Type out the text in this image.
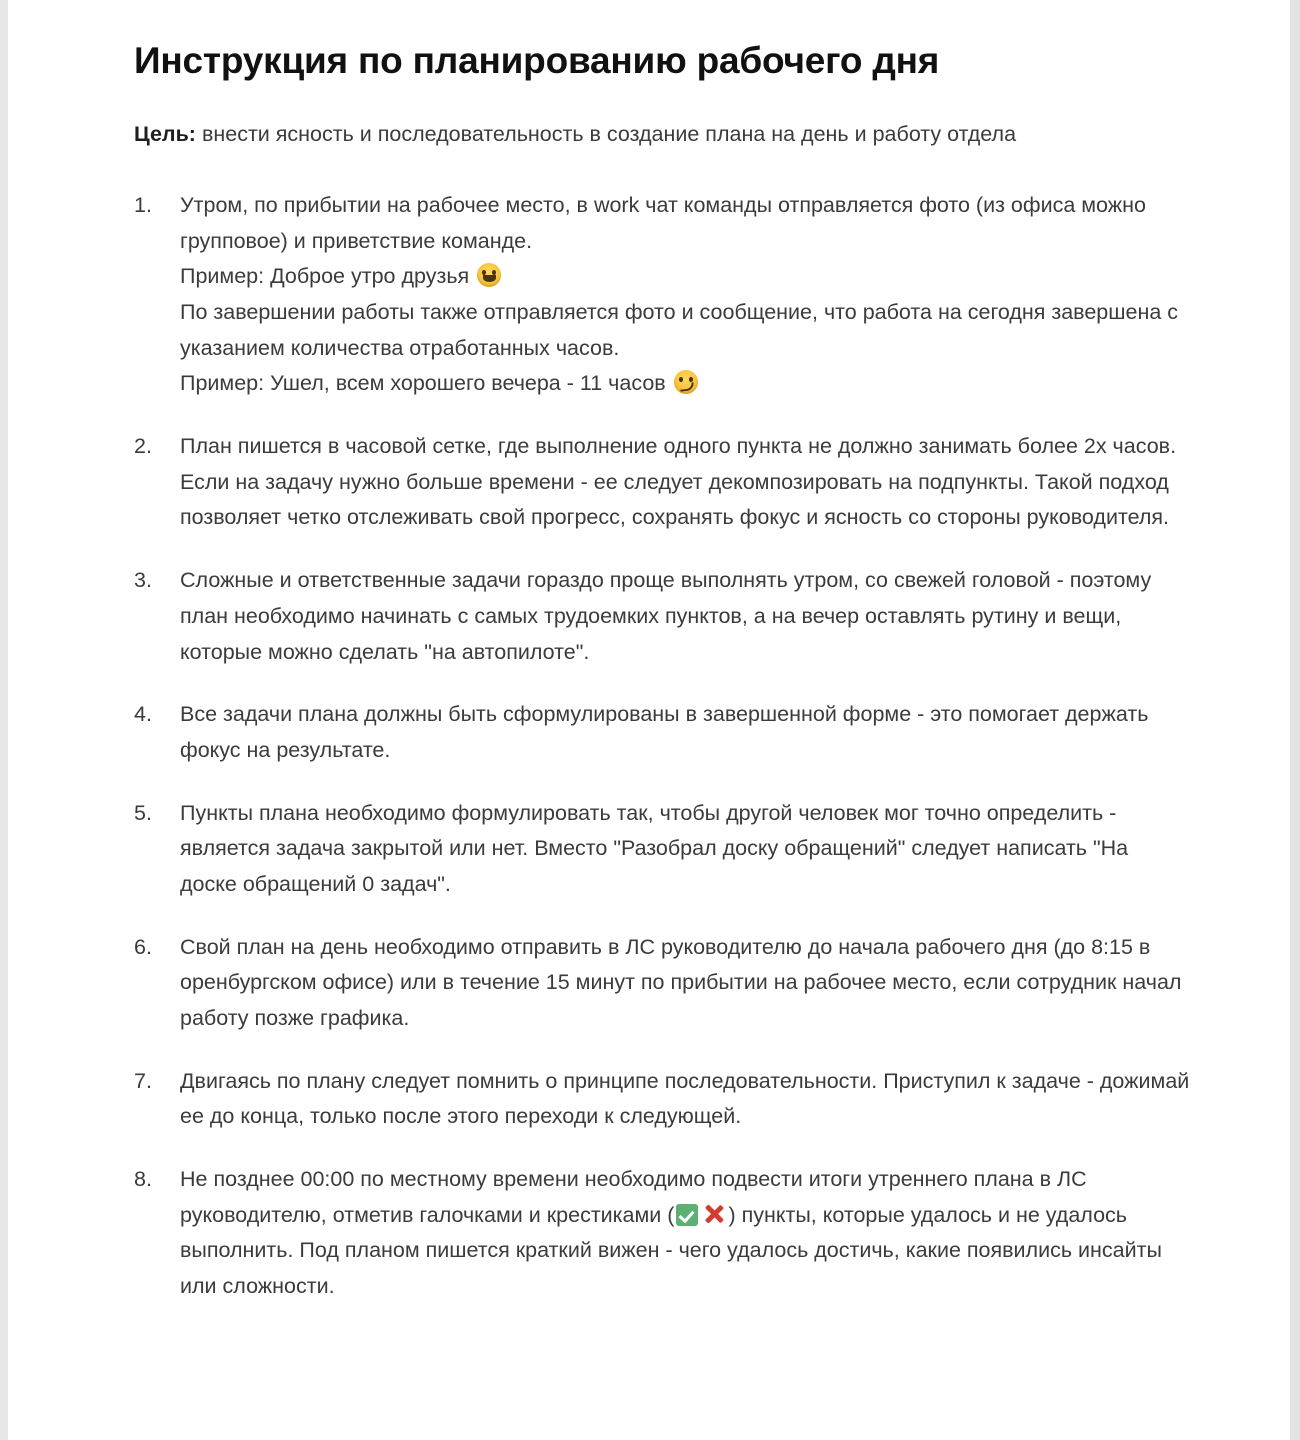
Инструкция по планированию рабочего дня

Цель: внести ясность и последовательность в создание плана на день и работу отдела

1.	Утром, по прибытии на рабочее место, в work чат команды отправляется фото (из офиса можно групповое) и приветствие команде.
Пример: Доброе утро друзья
По завершении работы также отправляется фото и сообщение, что работа на сегодня завершена с указанием количества отработанных часов.
Пример: Ушел, всем хорошего вечера - 11 часов
2.	План пишется в часовой сетке, где выполнение одного пункта не должно занимать более 2х часов. Если на задачу нужно больше времени - ее следует декомпозировать на подпункты. Такой подход позволяет четко отслеживать свой прогресс, сохранять фокус и ясность со стороны руководителя.
3.	Сложные и ответственные задачи гораздо проще выполнять утром, со свежей головой - поэтому план необходимо начинать с самых трудоемких пунктов, а на вечер оставлять рутину и вещи, которые можно сделать "на автопилоте".
4.	Все задачи плана должны быть сформулированы в завершенной форме - это помогает держать фокус на результате.
5.	Пункты плана необходимо формулировать так, чтобы другой человек мог точно определить - является задача закрытой или нет. Вместо "Разобрал доску обращений" следует написать "На доске обращений 0 задач".
6.	Свой план на день необходимо отправить в ЛС руководителю до начала рабочего дня (до 8:15 в оренбургском офисе) или в течение 15 минут по прибытии на рабочее место, если сотрудник начал работу позже графика.
7.	Двигаясь по плану следует помнить о принципе последовательности. Приступил к задаче - дожимай ее до конца, только после этого переходи к следующей.
8.	Не позднее 00:00 по местному времени необходимо подвести итоги утреннего плана в ЛС руководителю, отметив галочками и крестиками (	) пункты, которые удалось и не удалось выполнить. Под планом пишется краткий вижен - чего удалось достичь, какие появились инсайты или сложности.
